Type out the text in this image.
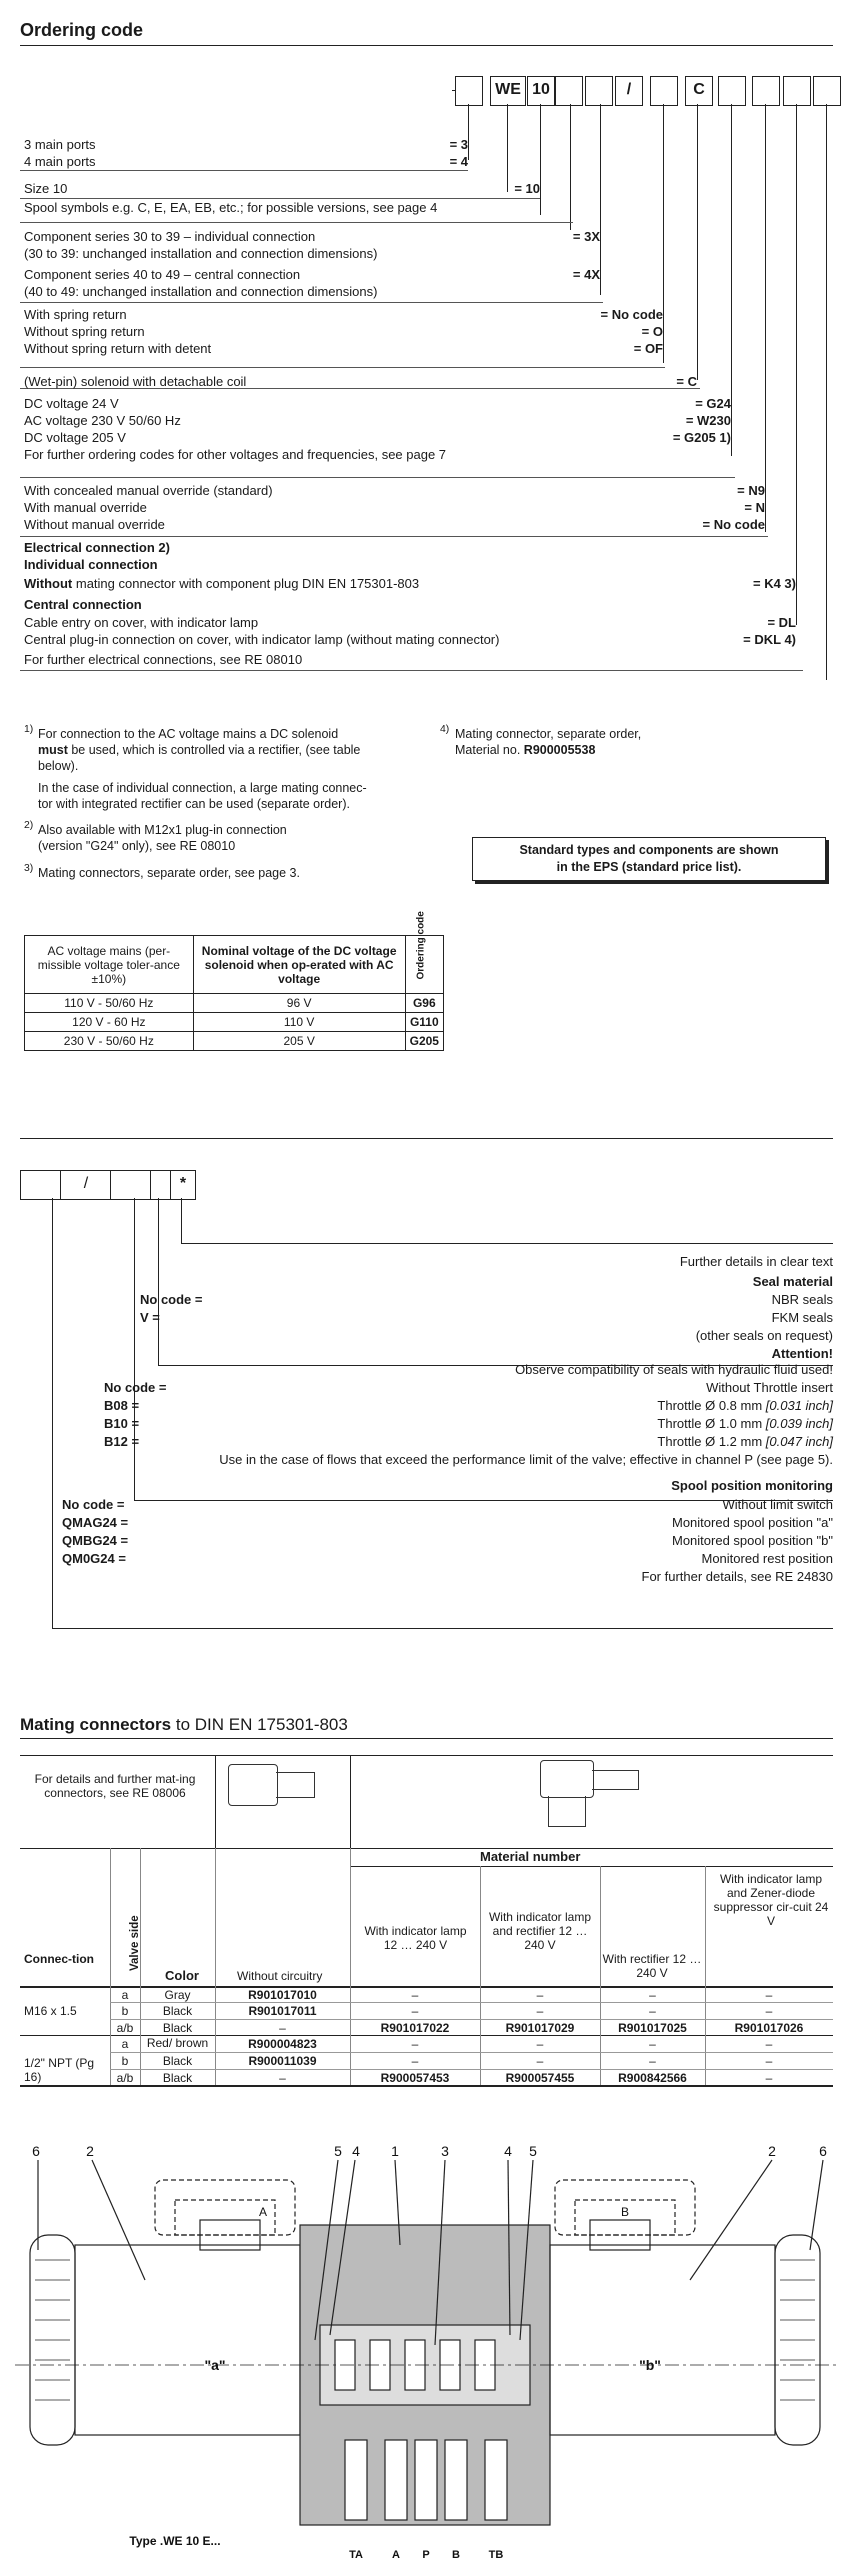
Ordering code
WE 10	/	C
3 main ports	= 3
4 main ports	= 4
Size 10	= 10
Spool symbols e.g. C, E, EA, EB, etc.; for possible versions, see page 4
Component series 30 to 39 – individual connection	= 3X
(30 to 39: unchanged installation and connection dimensions)
Component series 40 to 49 – central connection	= 4X
(40 to 49: unchanged installation and connection dimensions)
With spring return	= No code
Without spring return	= O
Without spring return with detent	= OF
(Wet-pin) solenoid with detachable coil	= C
DC voltage 24 V	= G24
AC voltage 230 V 50/60 Hz	= W230
DC voltage 205 V	= G205 1)
For further ordering codes for other voltages and frequencies, see page 7
With concealed manual override (standard)	= N9
With manual override	= N
Without manual override	= No code
Electrical connection 2)
Individual connection
Without mating connector with component plug DIN EN 175301-803	= K4 3)
Central connection
Cable entry on cover, with indicator lamp	= DL
Central plug-in connection on cover, with indicator lamp (without mating connector)	= DKL 4)
For further electrical connections, see RE 08010
$^{1)}$ For connection to the AC voltage mains a DC solenoid
must be used, which is controlled via a rectifier, (see table
below).
In the case of individual connection, a large mating connec-
tor with integrated rectifier can be used (separate order).
$^{2)}$ Also available with M12x1 plug-in connection
(version "G24" only), see RE 08010
$^{3)}$ Mating connectors, separate order, see page 3.
$^{4)}$ Mating connector, separate order,
Material no. R900005538
Standard types and components are shown
in the EPS (standard price list).
AC voltage mains (per-missible voltage toler-ance ±10%)	Nominal voltage of the DC voltage solenoid when op-erated with AC voltage	Ordering code

110 V - 50/60 Hz	96 V	G96
120 V - 60 Hz	110 V	G110
230 V - 50/60 Hz	205 V	G205
/	*
Further details in clear text
Seal material
No code =	NBR seals
V =	FKM seals
(other seals on request)
Attention!
Observe compatibility of seals with hydraulic fluid used!
No code =	Without Throttle insert
B08 =	Throttle Ø 0.8 mm [0.031 inch]
B10 =	Throttle Ø 1.0 mm [0.039 inch]
B12 =	Throttle Ø 1.2 mm [0.047 inch]
Use in the case of flows that exceed the performance limit of the valve; effective in channel P (see page 5).
Spool position monitoring
No code =	Without limit switch
QMAG24 =	Monitored spool position "a"
QMBG24 =	Monitored spool position "b"
QM0G24 =	Monitored rest position
For further details, see RE 24830
Mating connectors to DIN EN 175301-803
For details and further mat-ing connectors, see RE 08006
Material number
Connec-tion	Valve side
Color	Without circuitry
With indicator lamp 12 … 240 V
With indicator lamp and rectifier 12 … 240 V
With rectifier 12 … 240 V
With indicator lamp and Zener-diode suppressor cir-cuit 24 V
M16 x 1.5
a	Gray	R901017010	–	–	–	–
b	Black	R901017011	–	–	–	–
a/b	Black	–	R901017022	R901017029	R901017025	R901017026
1/2" NPT (Pg 16)
a	Red/ brown	R900004823	–	–	–	–
b	Black	R900011039	–	–	–	–
a/b	Black	–	R900057453	R900057455	R900842566	–
6	2	5 4 1	3	4 5	2	6
"a"	"b"
A	B
TA	A P B	TB
Type .WE 10 E...
